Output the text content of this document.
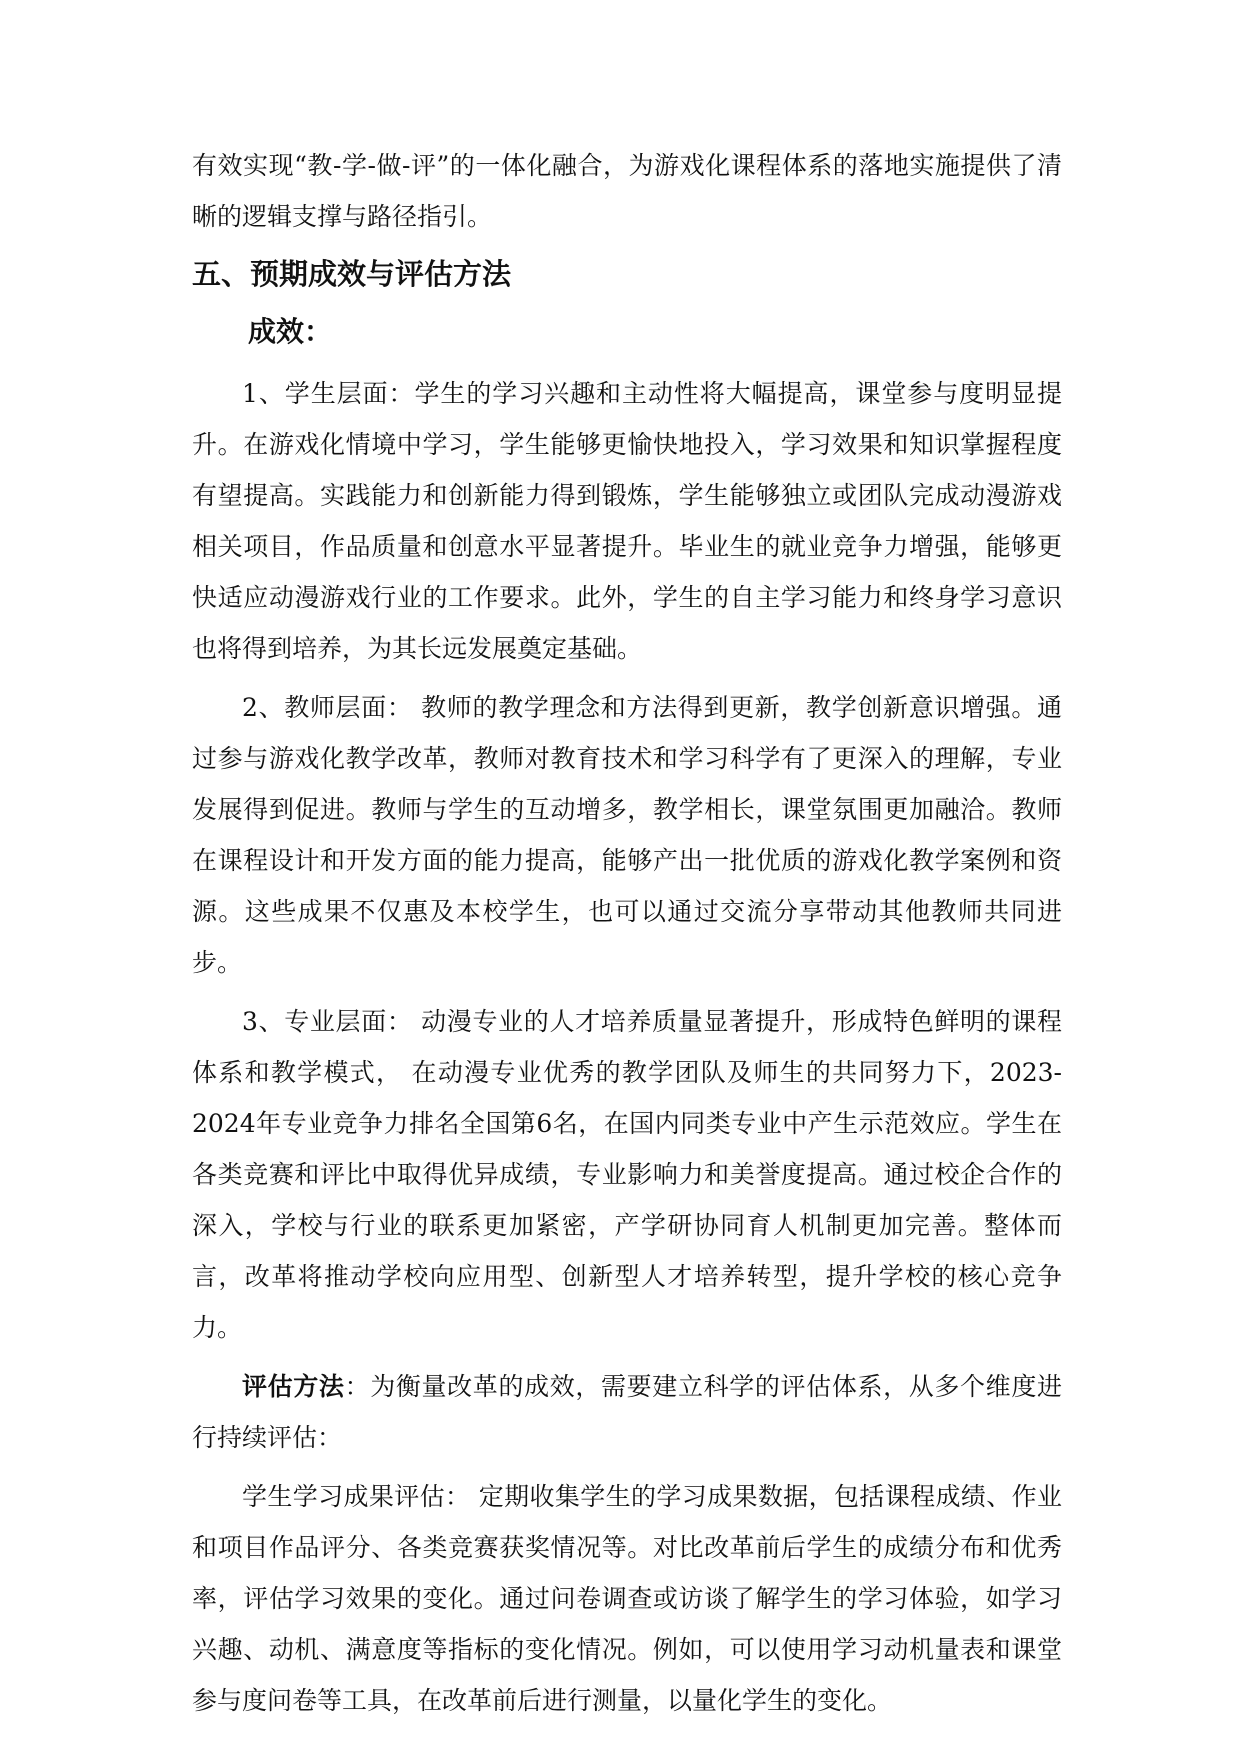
有效实现“教-学-做-评”的一体化融合，为游戏化课程体系的落地实施提供了清晰的逻辑支撑与路径指引。

五、预期成效与评估方法

成效：

1、学生层面：学生的学习兴趣和主动性将大幅提高，课堂参与度明显提升。在游戏化情境中学习，学生能够更愉快地投入，学习效果和知识掌握程度有望提高。实践能力和创新能力得到锻炼，学生能够独立或团队完成动漫游戏相关项目，作品质量和创意水平显著提升。毕业生的就业竞争力增强，能够更快适应动漫游戏行业的工作要求。此外，学生的自主学习能力和终身学习意识也将得到培养，为其长远发展奠定基础。

2、教师层面： 教师的教学理念和方法得到更新，教学创新意识增强。通过参与游戏化教学改革，教师对教育技术和学习科学有了更深入的理解，专业发展得到促进。教师与学生的互动增多，教学相长，课堂氛围更加融洽。教师在课程设计和开发方面的能力提高，能够产出一批优质的游戏化教学案例和资源。这些成果不仅惠及本校学生，也可以通过交流分享带动其他教师共同进步。

3、专业层面： 动漫专业的人才培养质量显著提升，形成特色鲜明的课程体系和教学模式， 在动漫专业优秀的教学团队及师生的共同努力下，2023-2024年专业竞争力排名全国第6名，在国内同类专业中产生示范效应。学生在各类竞赛和评比中取得优异成绩，专业影响力和美誉度提高。通过校企合作的深入，学校与行业的联系更加紧密，产学研协同育人机制更加完善。整体而言，改革将推动学校向应用型、创新型人才培养转型，提升学校的核心竞争力。

评估方法：为衡量改革的成效，需要建立科学的评估体系，从多个维度进行持续评估：

学生学习成果评估： 定期收集学生的学习成果数据，包括课程成绩、作业和项目作品评分、各类竞赛获奖情况等。对比改革前后学生的成绩分布和优秀率，评估学习效果的变化。通过问卷调查或访谈了解学生的学习体验，如学习兴趣、动机、满意度等指标的变化情况。例如，可以使用学习动机量表和课堂参与度问卷等工具，在改革前后进行测量，以量化学生的变化。
